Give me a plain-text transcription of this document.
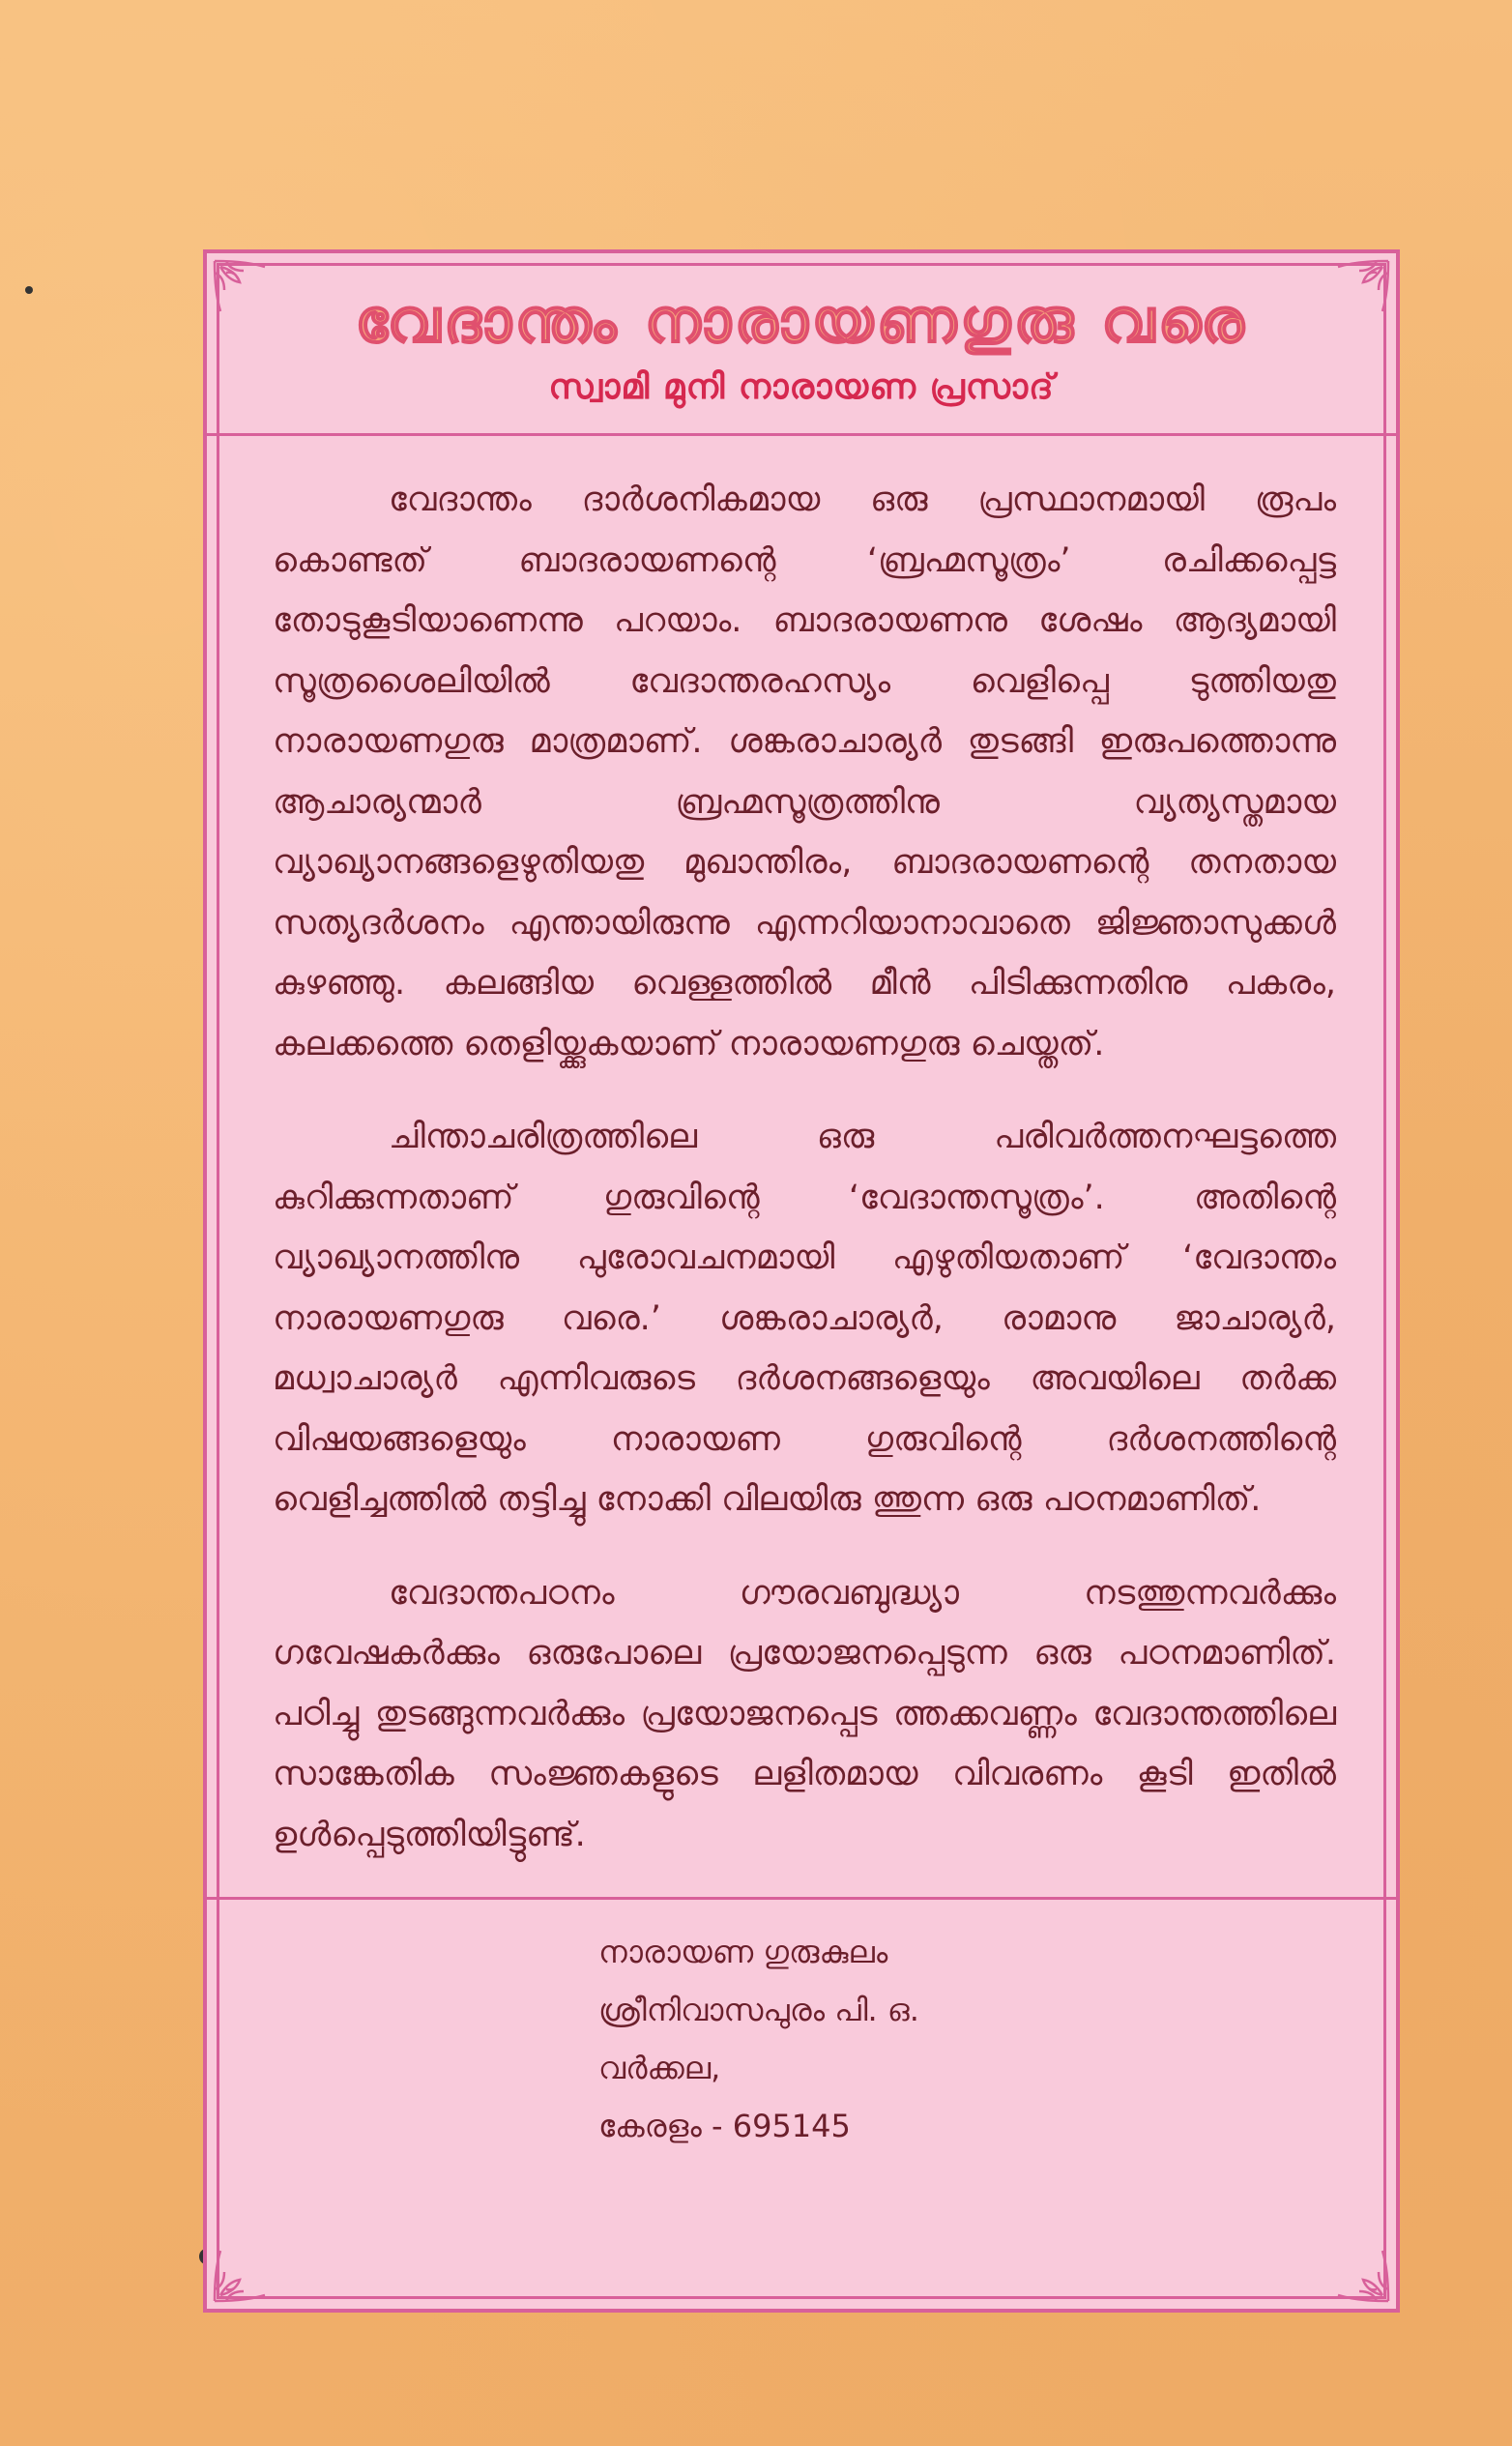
വേദാന്തം നാരായണഗുരു വരെ
സ്വാമി മുനി നാരായണ പ്രസാദ്

വേദാന്തം ദാർശനികമായ ഒരു പ്രസ്ഥാനമായി രൂപം കൊണ്ടത് ബാദരായണന്റെ ‘ബ്രഹ്മസൂത്രം’ രചിക്കപ്പെട്ട തോടുകൂടിയാണെന്നു പറയാം. ബാദരായണനു ശേഷം ആദ്യമായി സൂത്രശൈലിയിൽ വേദാന്തരഹസ്യം വെളിപ്പെ ടുത്തിയതു നാരായണഗുരു മാത്രമാണ്. ശങ്കരാചാര്യർ തുടങ്ങി ഇരുപത്തൊന്നു ആചാര്യന്മാർ ബ്രഹ്മസൂത്രത്തിനു വ്യത്യസ്തമായ വ്യാഖ്യാനങ്ങളെഴുതിയതു മുഖാന്തിരം, ബാദരായണന്റെ തനതായ സത്യദർശനം എന്തായിരുന്നു എന്നറിയാനാവാതെ ജിജ്ഞാസുക്കൾ കുഴഞ്ഞു. കലങ്ങിയ വെള്ളത്തിൽ മീൻ പിടിക്കുന്നതിനു പകരം, കലക്കത്തെ തെളിയ്ക്കുകയാണ് നാരായണഗുരു ചെയ്തത്.

ചിന്താചരിത്രത്തിലെ ഒരു പരിവർത്തനഘട്ടത്തെ കുറിക്കുന്നതാണ് ഗുരുവിന്റെ ‘വേദാന്തസൂത്രം’. അതിന്റെ വ്യാഖ്യാനത്തിനു പുരോവചനമായി എഴുതിയതാണ് ‘വേദാന്തം നാരായണഗുരു വരെ.’ ശങ്കരാചാര്യർ, രാമാനു ജാചാര്യർ, മധ്വാചാര്യർ എന്നിവരുടെ ദർശനങ്ങളെയും അവയിലെ തർക്ക വിഷയങ്ങളെയും നാരായണ ഗുരുവിന്റെ ദർശനത്തിന്റെ വെളിച്ചത്തിൽ തട്ടിച്ചു നോക്കി വിലയിരു ത്തുന്ന ഒരു പഠനമാണിത്.

വേദാന്തപഠനം ഗൗരവബുദ്ധ്യാ നടത്തുന്നവർക്കും ഗവേഷകർക്കും ഒരുപോലെ പ്രയോജനപ്പെടുന്ന ഒരു പഠനമാണിത്. പഠിച്ചു തുടങ്ങുന്നവർക്കും പ്രയോജനപ്പെട ത്തക്കവണ്ണം വേദാന്തത്തിലെ സാങ്കേതിക സംജ്ഞകളുടെ ലളിതമായ വിവരണം കൂടി ഇതിൽ ഉൾപ്പെടുത്തിയിട്ടുണ്ട്.

നാരായണ ഗുരുകുലം
ശ്രീനിവാസപുരം പി. ഒ.
വർക്കല,
കേരളം - 695145
